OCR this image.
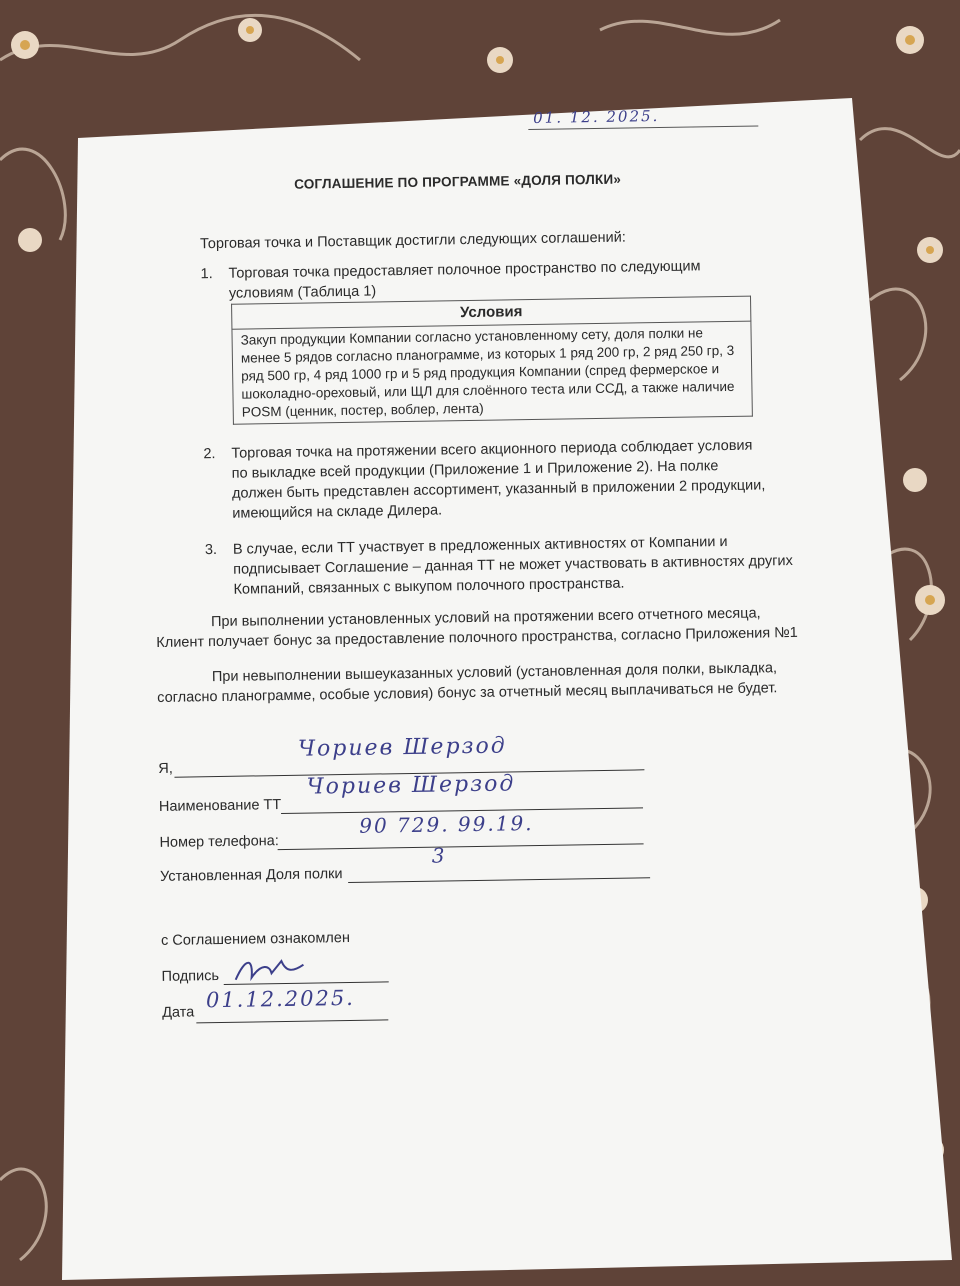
01. 12. 2025.
СОГЛАШЕНИЕ ПО ПРОГРАММЕ «ДОЛЯ ПОЛКИ»
Торговая точка и Поставщик достигли следующих соглашений:
1. Торговая точка предоставляет полочное пространство по следующим условиям (Таблица 1)
Условия
Закуп продукции Компании согласно установленному сету, доля полки не менее 5 рядов согласно планограмме, из которых 1 ряд 200 гр, 2 ряд 250 гр, 3 ряд 500 гр, 4 ряд 1000 гр и 5 ряд продукция Компании (спред фермерское и шоколадно-ореховый, или ЩЛ для слоённого теста или ССД, а также наличие POSM (ценник, постер, воблер, лента)
2. Торговая точка на протяжении всего акционного периода соблюдает условия по выкладке всей продукции (Приложение 1 и Приложение 2). На полке должен быть представлен ассортимент, указанный в приложении 2 продукции, имеющийся на складе Дилера.
3. В случае, если ТТ участвует в предложенных активностях от Компании и подписывает Соглашение – данная ТТ не может участвовать в активностях других Компаний, связанных с выкупом полочного пространства.
При выполнении установленных условий на протяжении всего отчетного месяца, Клиент получает бонус за предоставление полочного пространства, согласно Приложения №1
При невыполнении вышеуказанных условий (установленная доля полки, выкладка, согласно планограмме, особые условия) бонус за отчетный месяц выплачиваться не будет.
Я,
Чориев Шерзод
Наименование ТТ
Чориев Шерзод
Номер телефона:
90 729. 99.19.
Установленная Доля полки
3
с Соглашением ознакомлен
Подпись
Дата
01.12.2025.
